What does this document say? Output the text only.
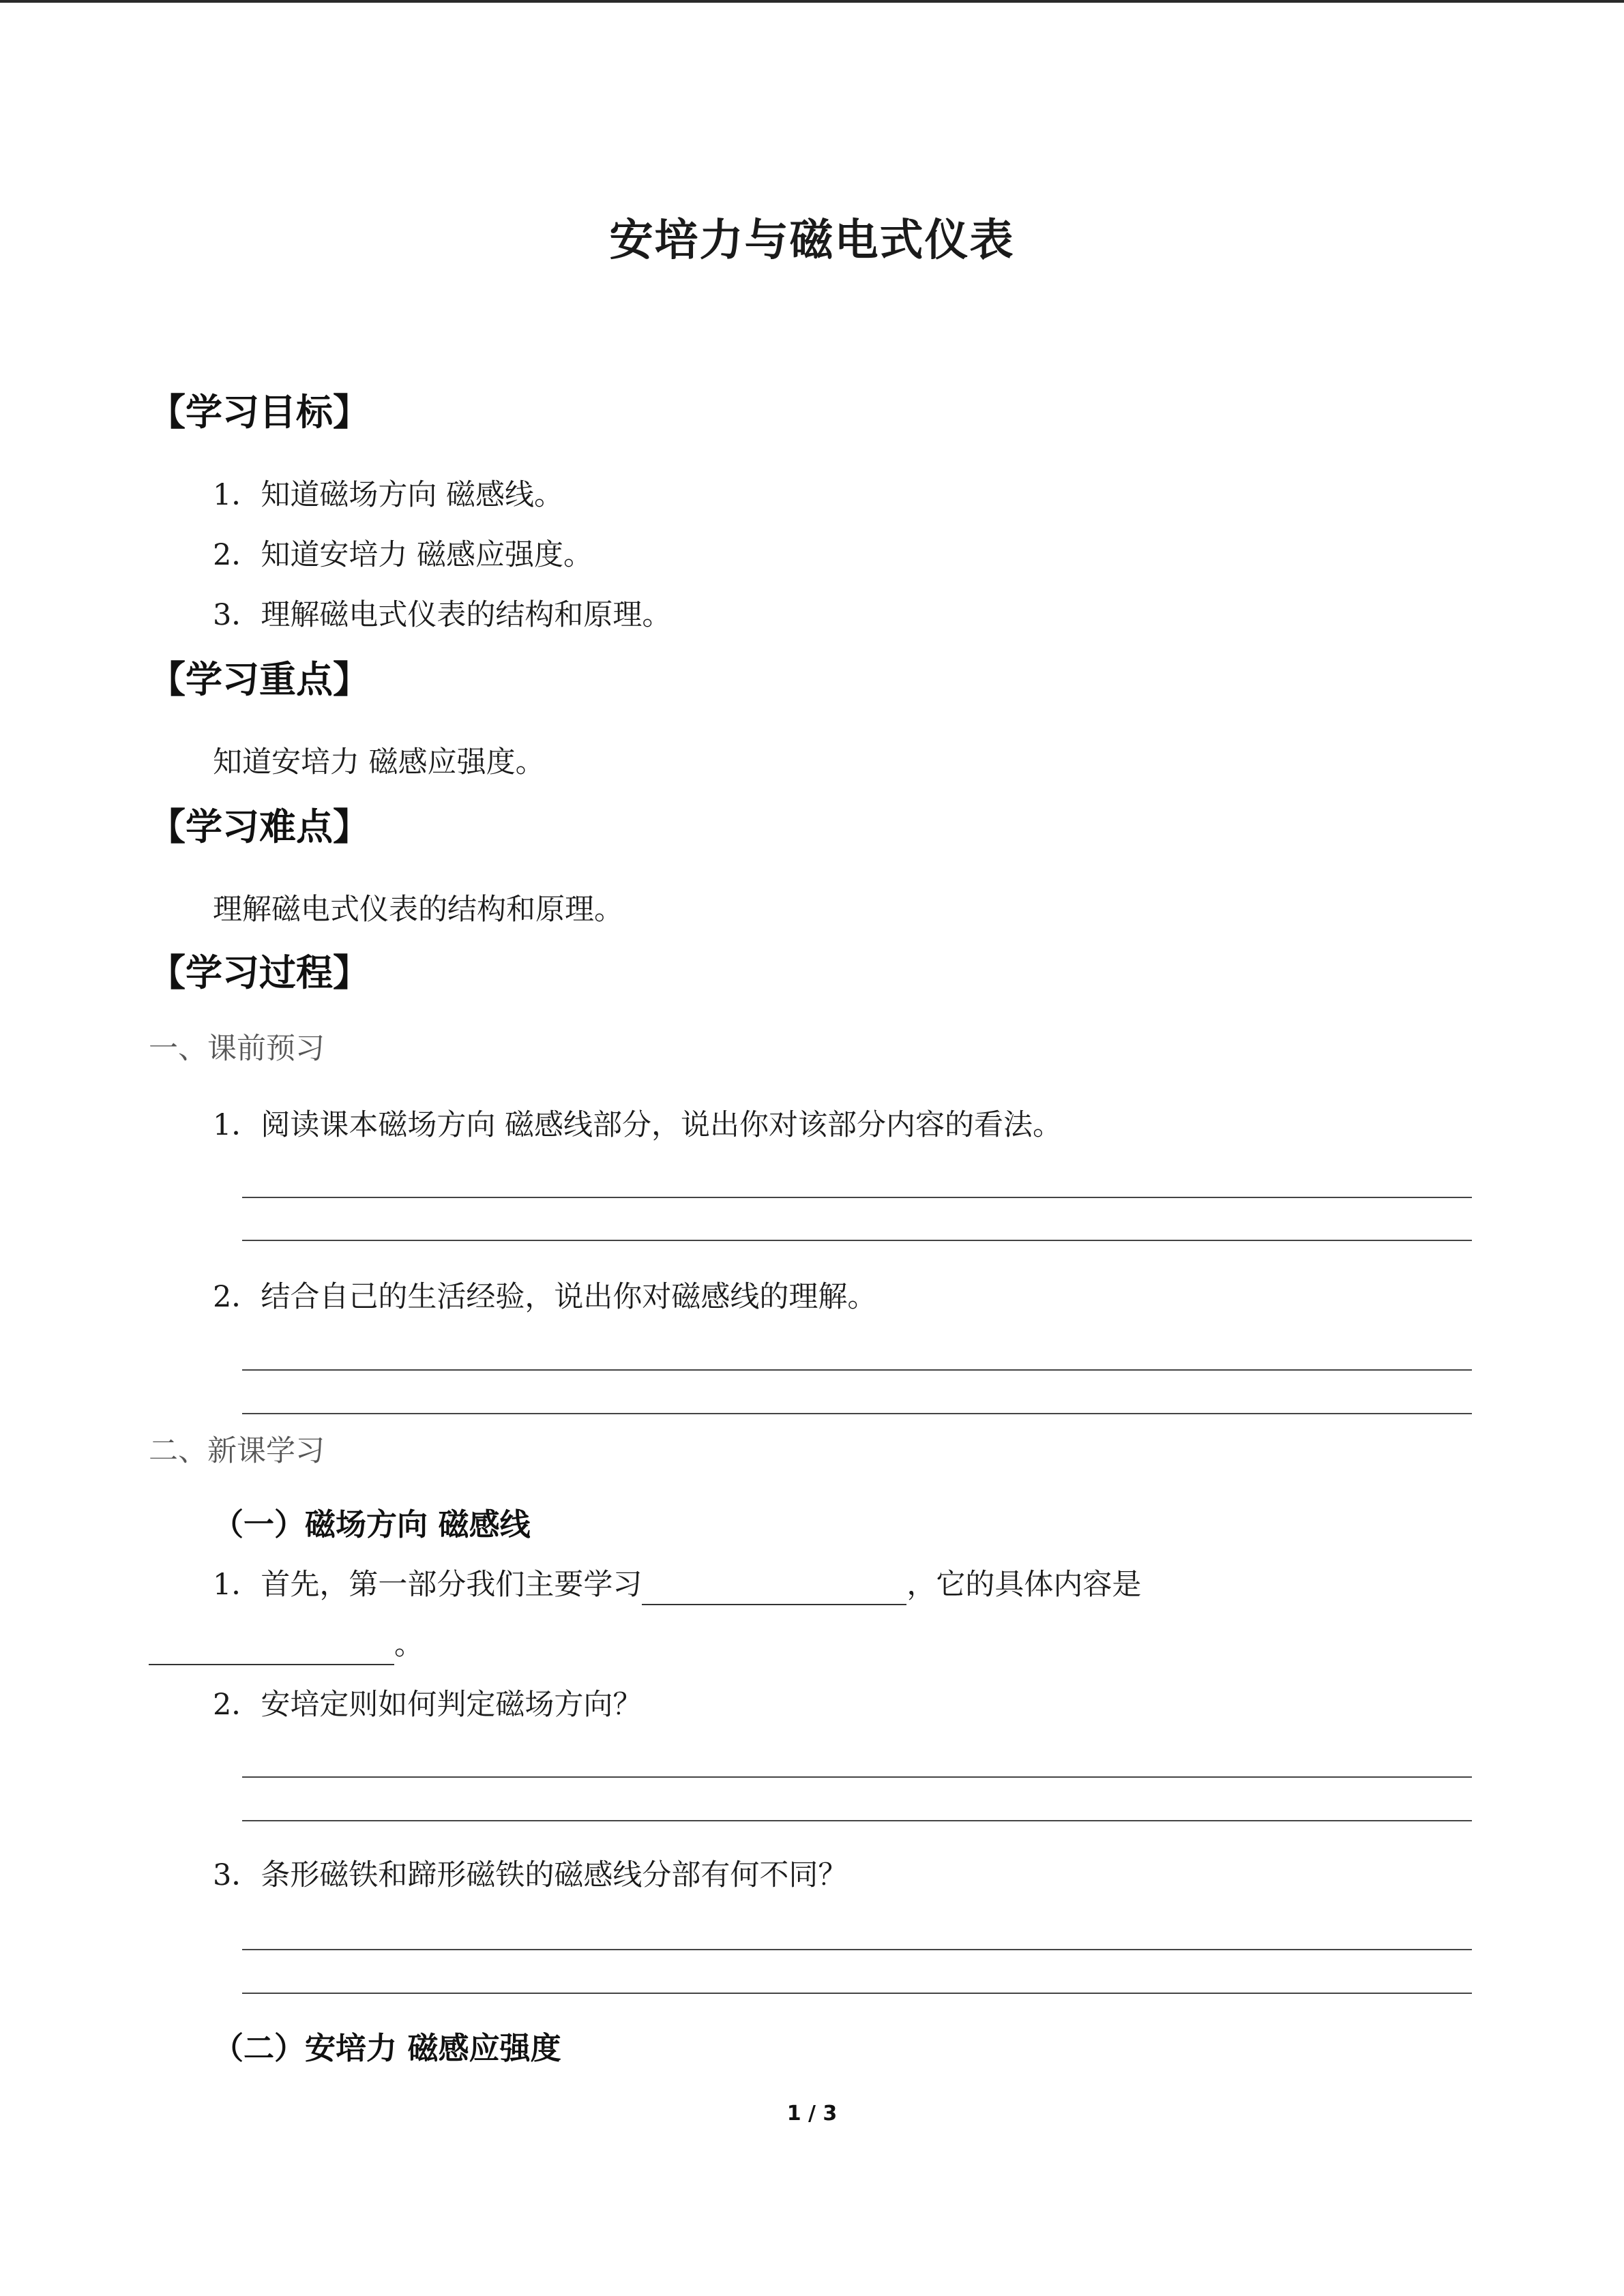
安培力与磁电式仪表
【学习目标】
1．知道磁场方向 磁感线。
2．知道安培力 磁感应强度。
3．理解磁电式仪表的结构和原理。
【学习重点】
知道安培力 磁感应强度。
【学习难点】
理解磁电式仪表的结构和原理。
【学习过程】
一、课前预习
1．阅读课本磁场方向 磁感线部分，说出你对该部分内容的看法。
2．结合自己的生活经验，说出你对磁感线的理解。
二、新课学习
（一）磁场方向 磁感线
1．首先，第一部分我们主要学习	，它的具体内容是
。
2．安培定则如何判定磁场方向？
3．条形磁铁和蹄形磁铁的磁感线分部有何不同？
（二）安培力 磁感应强度
1 / 3
